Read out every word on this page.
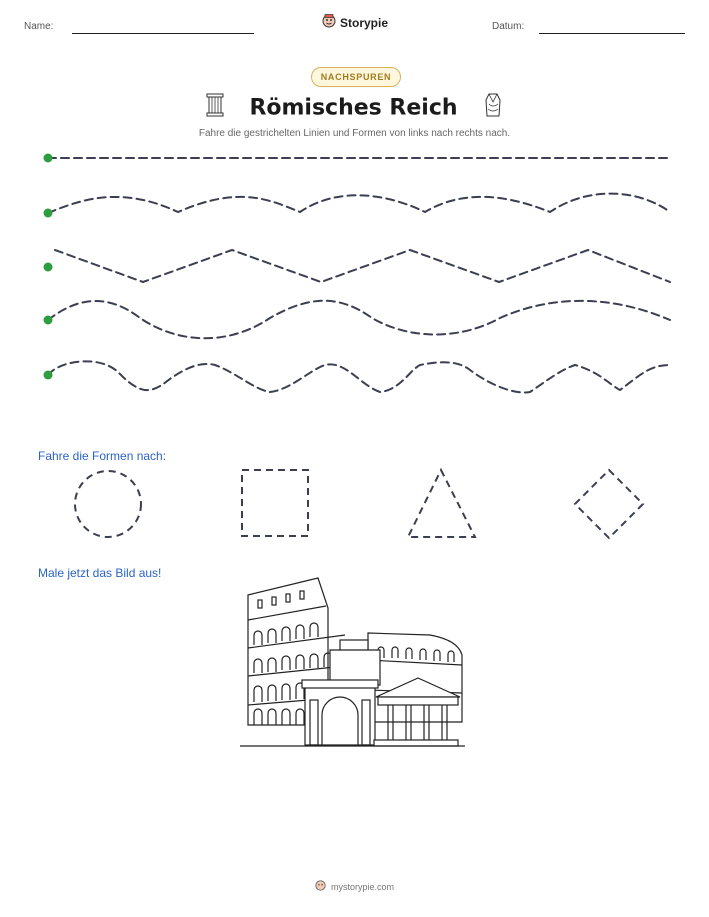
Name:	Storypie	Datum:
NACHSPUREN
Römisches Reich
Fahre die gestrichelten Linien und Formen von links nach rechts nach.
Fahre die Formen nach:
Male jetzt das Bild aus!
mystorypie.com
